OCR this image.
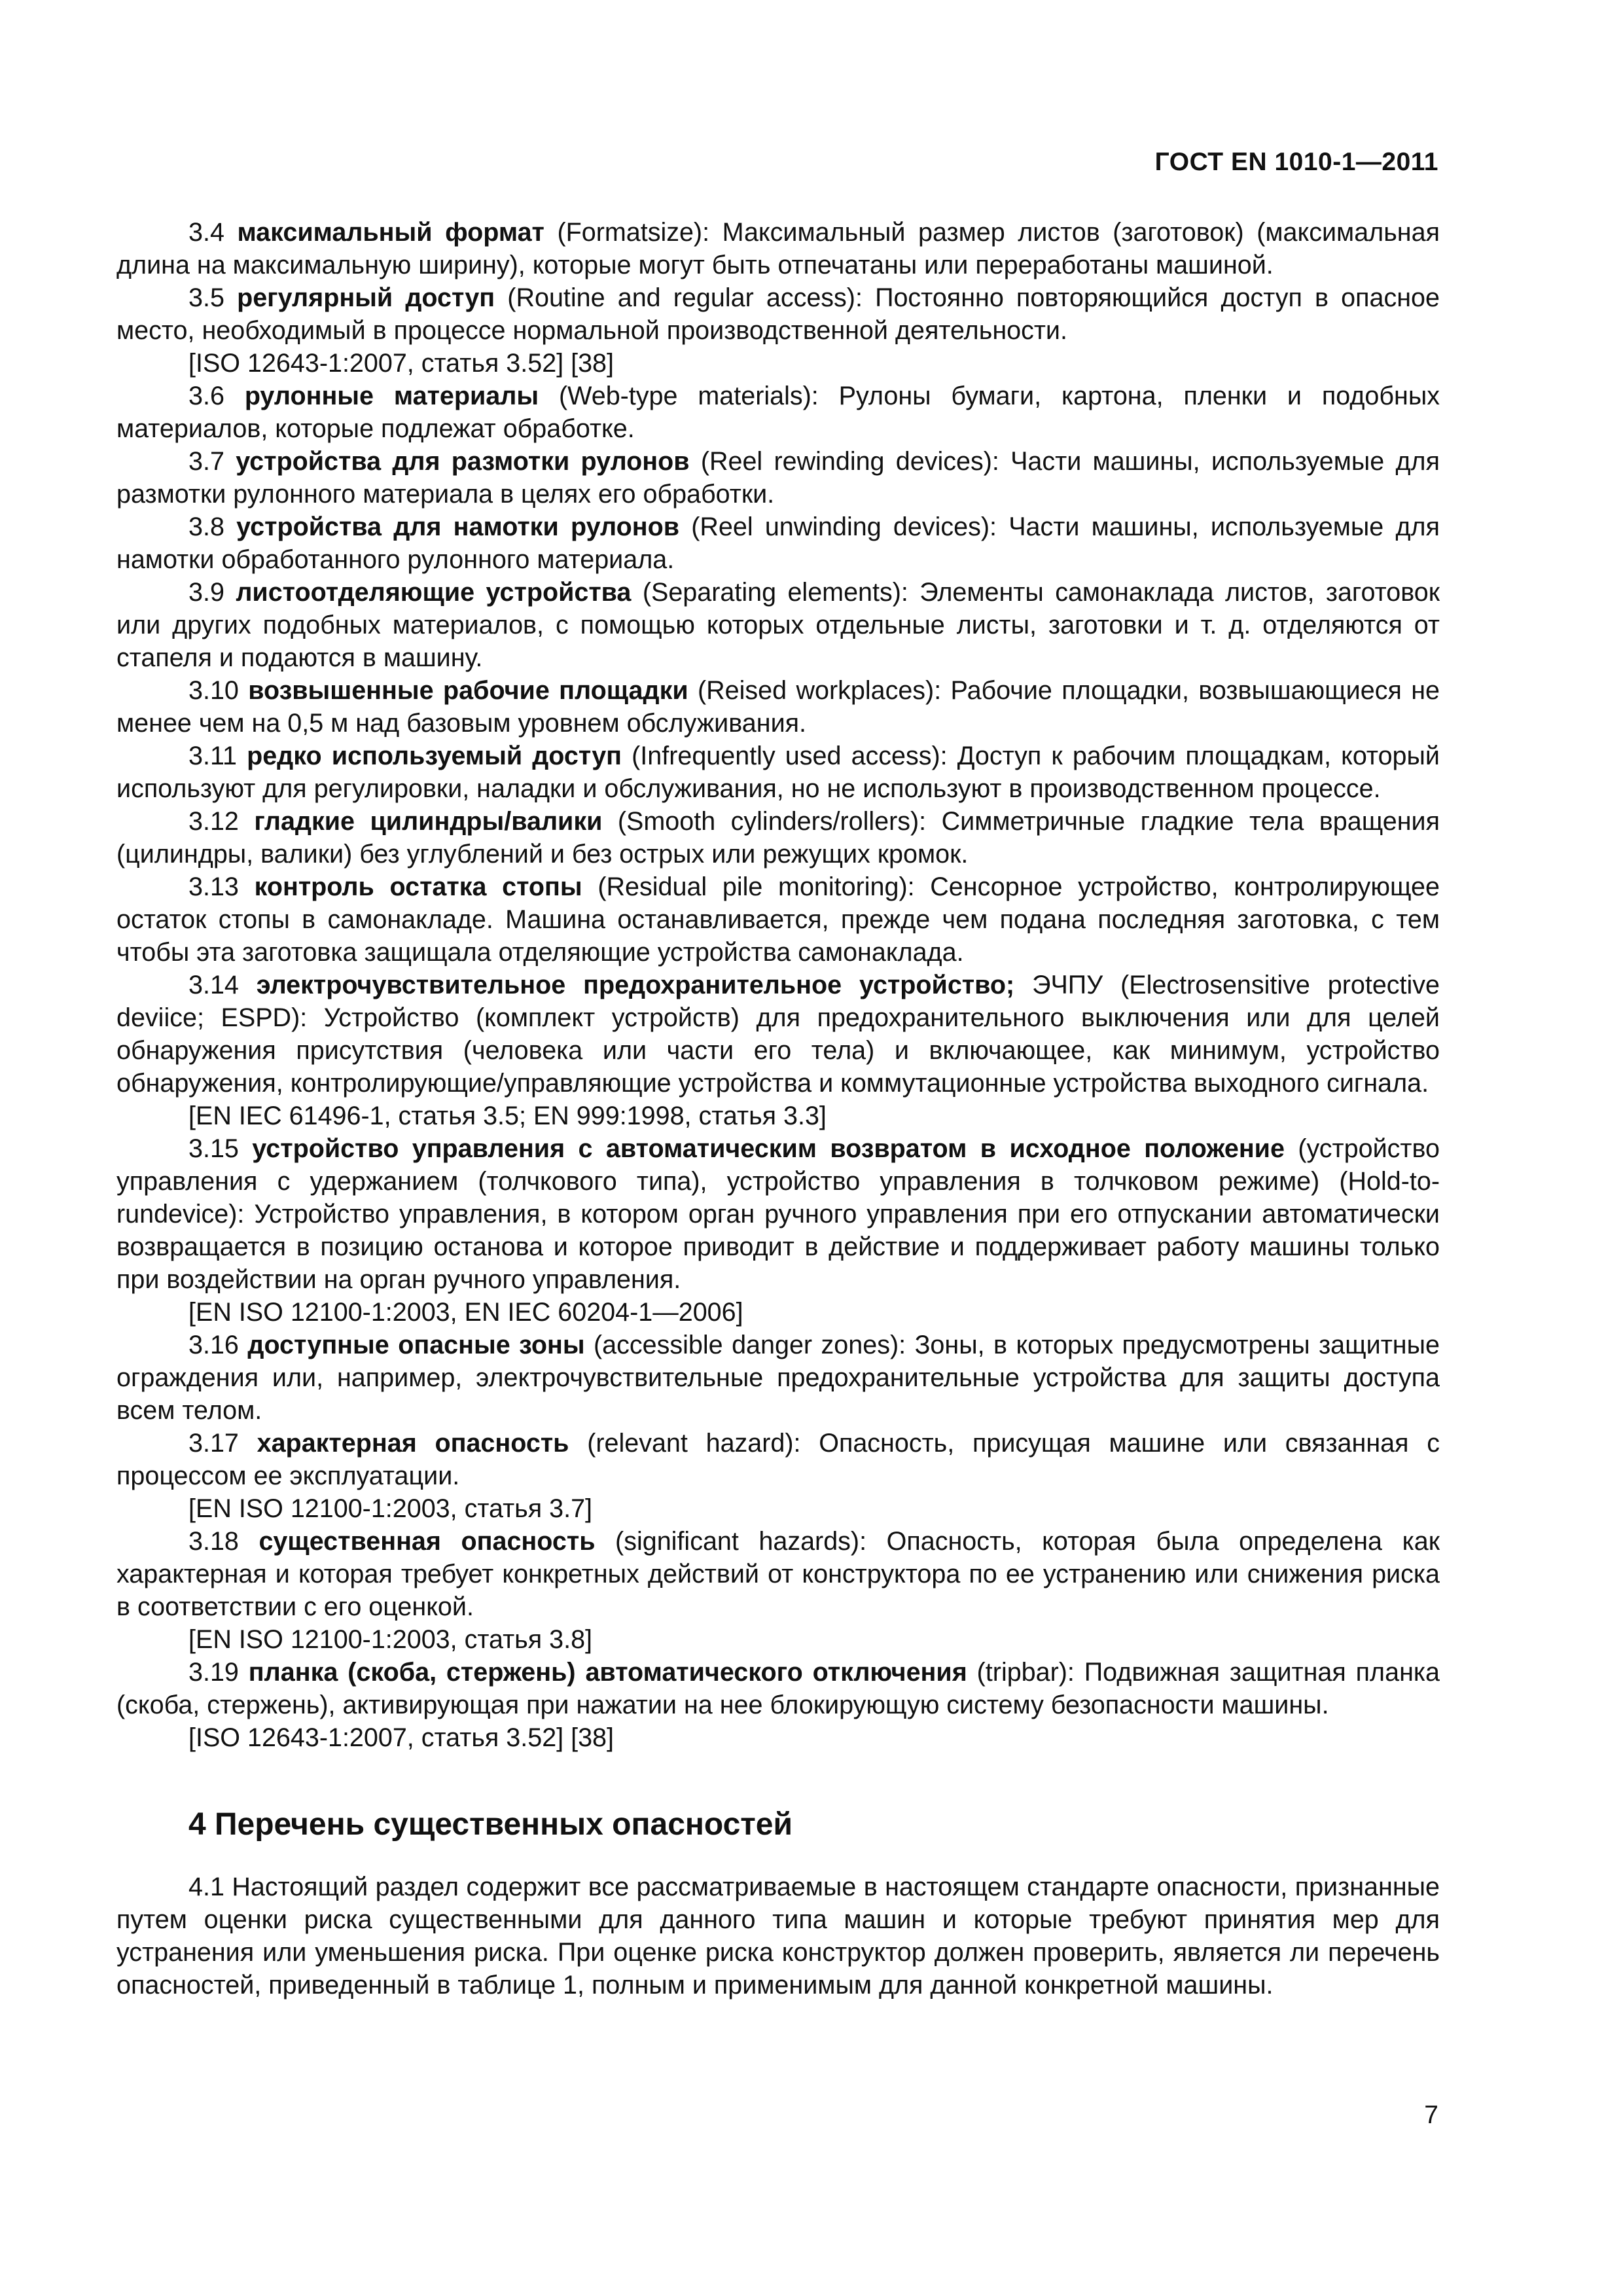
ГОСТ EN 1010-1—2011

3.4 максимальный формат (Formatsize): Максимальный размер листов (заготовок) (максимальная длина на максимальную ширину), которые могут быть отпечатаны или переработаны машиной.

3.5 регулярный доступ (Routine and regular access): Постоянно повторяющийся доступ в опасное место, необходимый в процессе нормальной производственной деятельности.

[ISO 12643-1:2007, статья 3.52] [38]

3.6 рулонные материалы (Web-type materials): Рулоны бумаги, картона, пленки и подобных материалов, которые подлежат обработке.

3.7 устройства для размотки рулонов (Reel rewinding devices): Части машины, используемые для размотки рулонного материала в целях его обработки.

3.8 устройства для намотки рулонов (Reel unwinding devices): Части машины, используемые для намотки обработанного рулонного материала.

3.9 листоотделяющие устройства (Separating elements): Элементы самонаклада листов, заготовок или других подобных материалов, с помощью которых отдельные листы, заготовки и т. д. отделяются от стапеля и подаются в машину.

3.10 возвышенные рабочие площадки (Reised workplaces): Рабочие площадки, возвышающиеся не менее чем на 0,5 м над базовым уровнем обслуживания.

3.11 редко используемый доступ (Infrequently used access): Доступ к рабочим площадкам, который используют для регулировки, наладки и обслуживания, но не используют в производственном процессе.

3.12 гладкие цилиндры/валики (Smooth cylinders/rollers): Симметричные гладкие тела вращения (цилиндры, валики) без углублений и без острых или режущих кромок.

3.13 контроль остатка стопы (Residual pile monitoring): Сенсорное устройство, контролирующее остаток стопы в самонакладе. Машина останавливается, прежде чем подана последняя заготовка, с тем чтобы эта заготовка защищала отделяющие устройства самонаклада.

3.14 электрочувствительное предохранительное устройство; ЭЧПУ (Electrosensitive protective deviice; ESPD): Устройство (комплект устройств) для предохранительного выключения или для целей обнаружения присутствия (человека или части его тела) и включающее, как минимум, устройство обнаружения, контролирующие/управляющие устройства и коммутационные устройства выходного сигнала.

[EN IEC 61496-1, статья 3.5; EN 999:1998, статья 3.3]

3.15 устройство управления с автоматическим возвратом в исходное положение (устройство управления с удержанием (толчкового типа), устройство управления в толчковом режиме) (Hold-to-rundevice): Устройство управления, в котором орган ручного управления при его отпускании автоматически возвращается в позицию останова и которое приводит в действие и поддерживает работу машины только при воздействии на орган ручного управления.

[EN ISO 12100-1:2003, EN IEC 60204-1—2006]

3.16 доступные опасные зоны (accessible danger zones): Зоны, в которых предусмотрены защитные ограждения или, например, электрочувствительные предохранительные устройства для защиты доступа всем телом.

3.17 характерная опасность (relevant hazard): Опасность, присущая машине или связанная с процессом ее эксплуатации.

[EN ISO 12100-1:2003, статья 3.7]

3.18 существенная опасность (significant hazards): Опасность, которая была определена как характерная и которая требует конкретных действий от конструктора по ее устранению или снижения риска в соответствии с его оценкой.

[EN ISO 12100-1:2003, статья 3.8]

3.19 планка (скоба, стержень) автоматического отключения (tripbar): Подвижная защитная планка (скоба, стержень), активирующая при нажатии на нее блокирующую систему безопасности машины.

[ISO 12643-1:2007, статья 3.52] [38]

4 Перечень существенных опасностей

4.1 Настоящий раздел содержит все рассматриваемые в настоящем стандарте опасности, признанные путем оценки риска существенными для данного типа машин и которые требуют принятия мер для устранения или уменьшения риска. При оценке риска конструктор должен проверить, является ли перечень опасностей, приведенный в таблице 1, полным и применимым для данной конкретной машины.

7
